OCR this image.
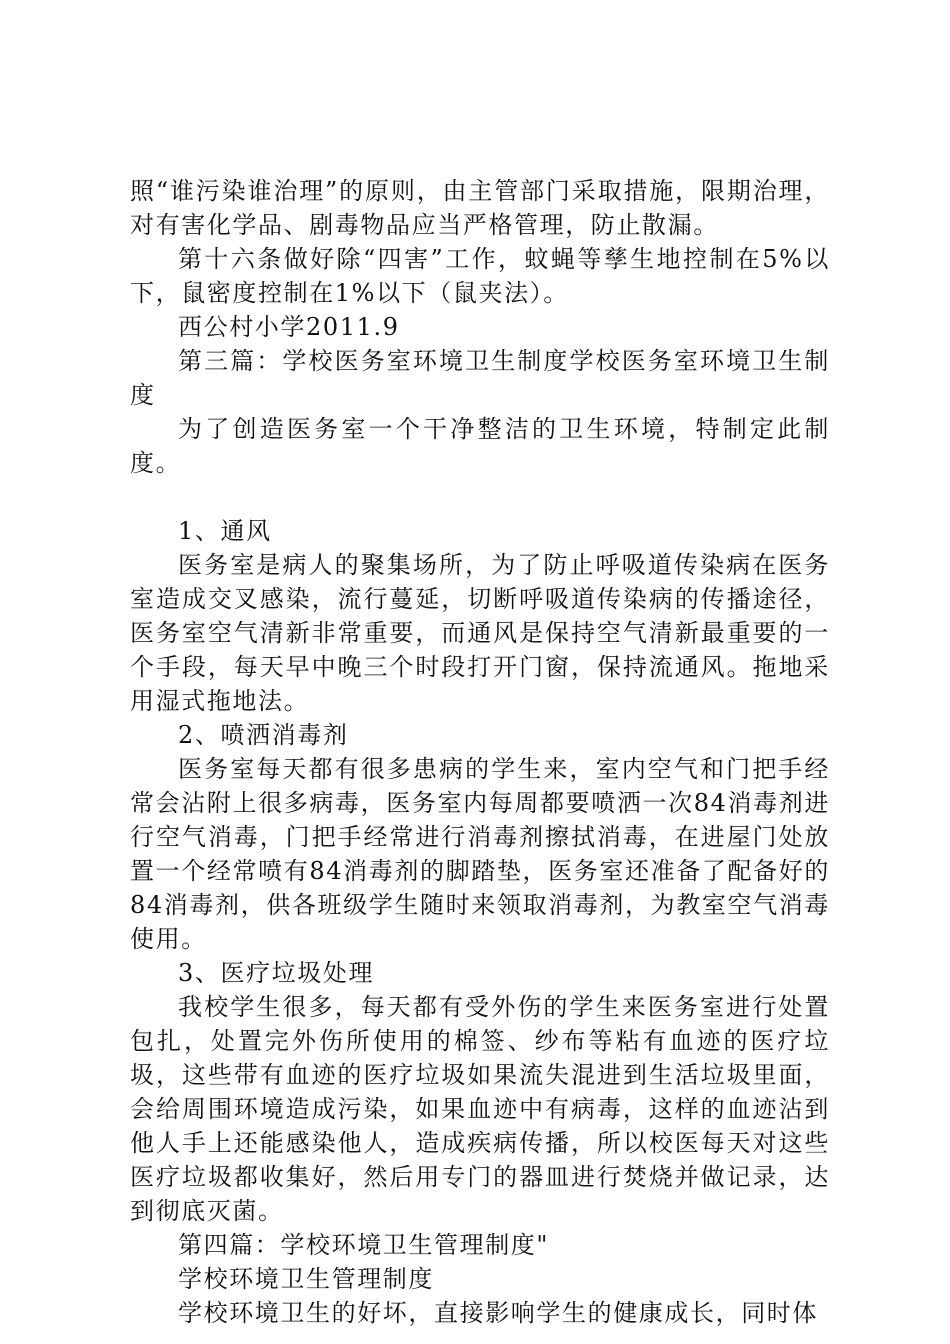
照“谁污染谁治理”的原则，由主管部门采取措施，限期治理，对有害化学品、剧毒物品应当严格管理，防止散漏。

第十六条做好除“四害”工作，蚊蝇等孳生地控制在5%以下，鼠密度控制在1%以下（鼠夹法）。

西公村小学2011.9

第三篇：学校医务室环境卫生制度学校医务室环境卫生制度

为了创造医务室一个干净整洁的卫生环境，特制定此制度。

1、通风

医务室是病人的聚集场所，为了防止呼吸道传染病在医务室造成交叉感染，流行蔓延，切断呼吸道传染病的传播途径，医务室空气清新非常重要，而通风是保持空气清新最重要的一个手段，每天早中晚三个时段打开门窗，保持流通风。拖地采用湿式拖地法。

2、喷洒消毒剂

医务室每天都有很多患病的学生来，室内空气和门把手经常会沾附上很多病毒，医务室内每周都要喷洒一次84消毒剂进行空气消毒，门把手经常进行消毒剂擦拭消毒，在进屋门处放置一个经常喷有84消毒剂的脚踏垫，医务室还准备了配备好的84消毒剂，供各班级学生随时来领取消毒剂，为教室空气消毒使用。

3、医疗垃圾处理

我校学生很多，每天都有受外伤的学生来医务室进行处置包扎，处置完外伤所使用的棉签、纱布等粘有血迹的医疗垃圾，这些带有血迹的医疗垃圾如果流失混进到生活垃圾里面，会给周围环境造成污染，如果血迹中有病毒，这样的血迹沾到他人手上还能感染他人，造成疾病传播，所以校医每天对这些医疗垃圾都收集好，然后用专门的器皿进行焚烧并做记录，达到彻底灭菌。

第四篇：学校环境卫生管理制度"

学校环境卫生管理制度

学校环境卫生的好坏，直接影响学生的健康成长，同时体
